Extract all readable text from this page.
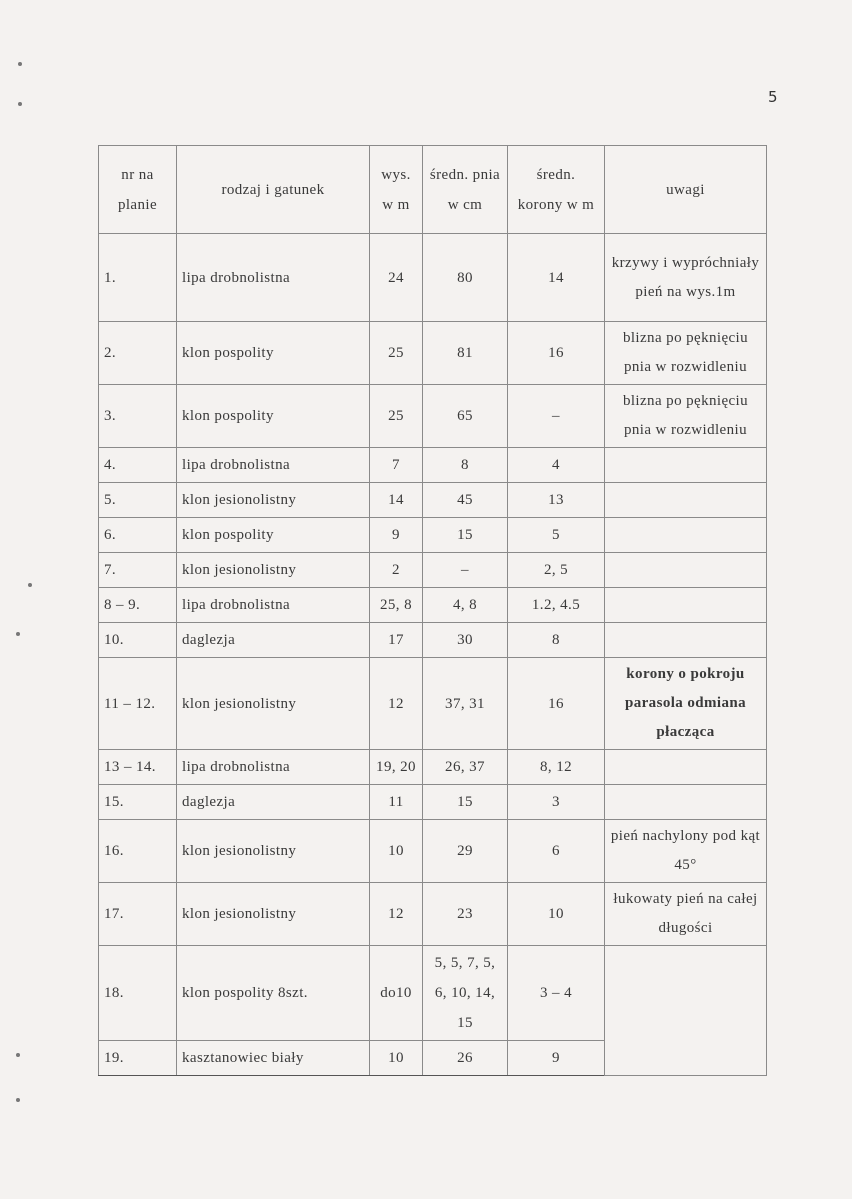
5
nr na planie	rodzaj i gatunek	wys. w m	średn. pnia w cm	średn. korony w m	uwagi
1.	lipa drobnolistna	24	80	14	krzywy i wypróchniały pień na wys.1m
2.	klon pospolity	25	81	16	blizna po pęknięciu pnia w rozwidleniu
3.	klon pospolity	25	65	–	blizna po pęknięciu pnia w rozwidleniu
4.	lipa drobnolistna	7	8	4	
5.	klon jesionolistny	14	45	13	
6.	klon pospolity	9	15	5	
7.	klon jesionolistny	2	–	2, 5	
8 – 9.	lipa drobnolistna	25, 8	4, 8	1.2, 4.5	
10.	daglezja	17	30	8	
11 – 12.	klon jesionolistny	12	37, 31	16	korony o pokroju parasola odmiana płacząca
13 – 14.	lipa drobnolistna	19, 20	26, 37	8, 12	
15.	daglezja	11	15	3	
16.	klon jesionolistny	10	29	6	pień nachylony pod kąt 45°
17.	klon jesionolistny	12	23	10	łukowaty pień na całej długości
18.	klon pospolity 8szt.	do10	5, 5, 7, 5, 6, 10, 14, 15	3 – 4	
19.	kasztanowiec biały	10	26	9	
